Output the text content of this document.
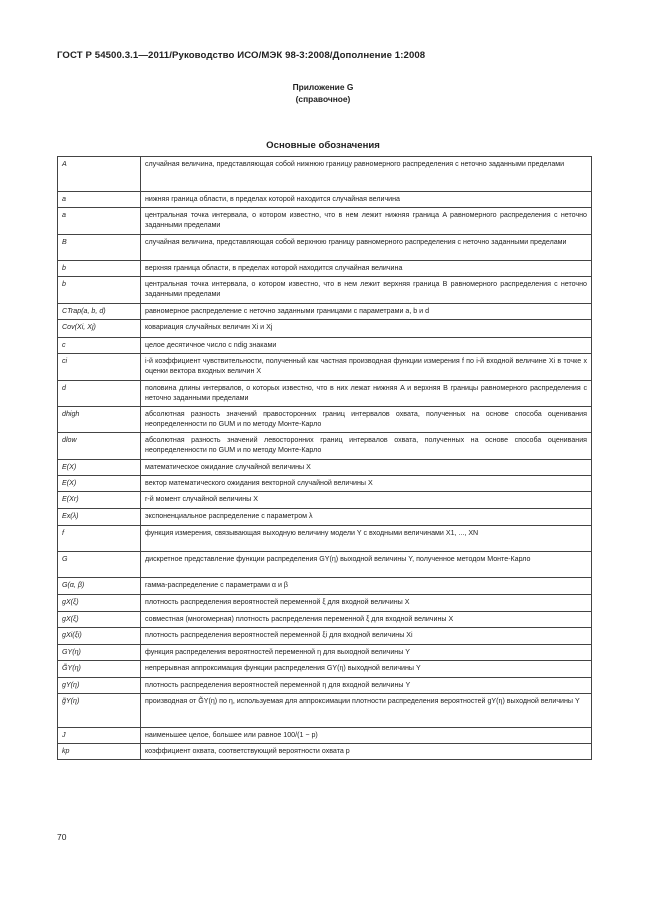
ГОСТ Р 54500.3.1—2011/Руководство ИСО/МЭК 98-3:2008/Дополнение 1:2008
Приложение G
(справочное)
Основные обозначения
A	случайная величина, представляющая собой нижнюю границу равномерного распределения с неточно заданными пределами
a	нижняя граница области, в пределах которой находится случайная величина
a	центральная точка интервала, о котором известно, что в нем лежит нижняя граница A равномерного распределения с неточно заданными пределами
B	случайная величина, представляющая собой верхнюю границу равномерного распределения с неточно заданными пределами
b	верхняя граница области, в пределах которой находится случайная величина
b	центральная точка интервала, о котором известно, что в нем лежит верхняя граница B равномерного распределения с неточно заданными пределами
CTrap(a, b, d)	равномерное распределение с неточно заданными границами с параметрами a, b и d
Cov(Xi, Xj)	ковариация случайных величин Xi и Xj
c	целое десятичное число с ndig знаками
ci	i-й коэффициент чувствительности, полученный как частная производная функции измерения f по i-й входной величине Xi в точке x оценки вектора входных величин X
d	половина длины интервалов, о которых известно, что в них лежат нижняя A и верхняя B границы равномерного распределения с неточно заданными пределами
dhigh	абсолютная разность значений правосторонних границ интервалов охвата, полученных на основе способа оценивания неопределенности по GUM и по методу Монте-Карло
dlow	абсолютная разность значений левосторонних границ интервалов охвата, полученных на основе способа оценивания неопределенности по GUM и по методу Монте-Карло
E(X)	математическое ожидание случайной величины X
E(X)	вектор математического ожидания векторной случайной величины X
E(Xr)	r-й момент случайной величины X
Ex(λ)	экспоненциальное распределение с параметром λ
f	функция измерения, связывающая выходную величину модели Y с входными величинами X1, ..., XN
G	дискретное представление функции распределения GY(η) выходной величины Y, полученное методом Монте-Карло
G(α, β)	гамма-распределение с параметрами α и β
gX(ξ)	плотность распределения вероятностей переменной ξ для входной величины X
gX(ξ)	совместная (многомерная) плотность распределения переменной ξ для входной величины X
gXi(ξi)	плотность распределения вероятностей переменной ξi для входной величины Xi
GY(η)	функция распределения вероятностей переменной η для выходной величины Y
G̃Y(η)	непрерывная аппроксимация функции распределения GY(η) выходной величины Y
gY(η)	плотность распределения вероятностей переменной η для входной величины Y
g̃Y(η)	производная от G̃Y(η) по η, используемая для аппроксимации плотности распределения вероятностей gY(η) выходной величины Y
J	наименьшее целое, большее или равное 100/(1 − p)
kp	коэффициент охвата, соответствующий вероятности охвата p
70
